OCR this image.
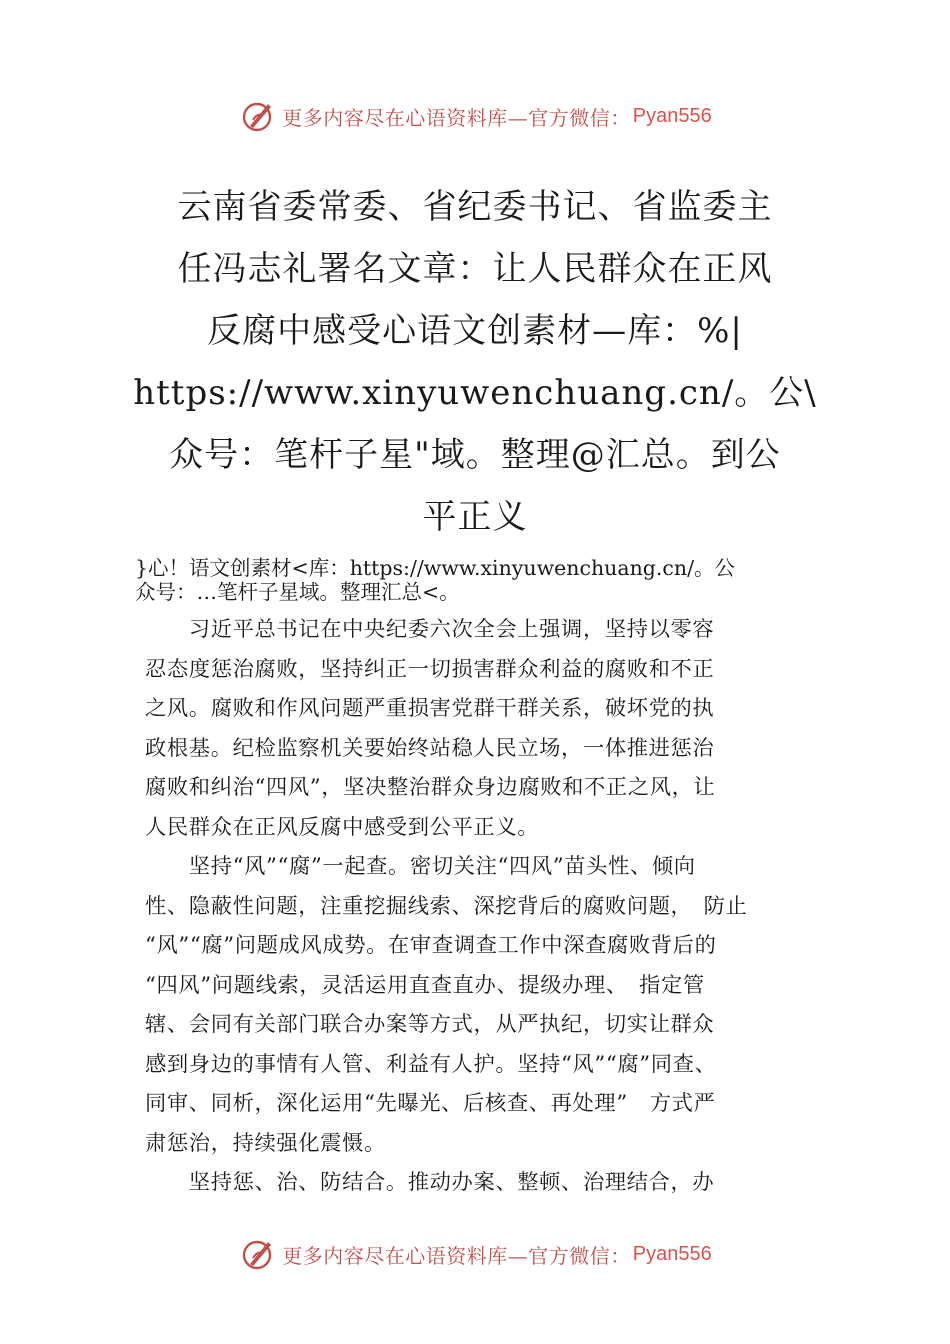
更多内容尽在心语资料库—官方微信： Pyan556
云南省委常委、省纪委书记、省监委主
任冯志礼署名文章：让人民群众在正风
反腐中感受心语文创素材—库：%|
https://www.xinyuwenchuang.cn/。公\
众号：笔杆子星"域。整理@汇总。到公
平正义
}心！语文创素材<库：https://www.xinyuwenchuang.cn/。公
众号：…笔杆子星域。整理汇总<。
　　习近平总书记在中央纪委六次全会上强调，坚持以零容
忍态度惩治腐败，坚持纠正一切损害群众利益的腐败和不正
之风。腐败和作风问题严重损害党群干群关系，破坏党的执
政根基。纪检监察机关要始终站稳人民立场，一体推进惩治
腐败和纠治“四风”，坚决整治群众身边腐败和不正之风，让
人民群众在正风反腐中感受到公平正义。
　　坚持“风”“腐”一起查。密切关注“四风”苗头性、倾向
性、隐蔽性问题，注重挖掘线索、深挖背后的腐败问题，　防止
“风”“腐”问题成风成势。在审查调查工作中深查腐败背后的
“四风”问题线索，灵活运用直查直办、提级办理、　指定管
辖、会同有关部门联合办案等方式，从严执纪，切实让群众
感到身边的事情有人管、利益有人护。坚持“风”“腐”同查、
同审、同析，深化运用“先曝光、后核查、再处理”　方式严
肃惩治，持续强化震慑。
　　坚持惩、治、防结合。推动办案、整顿、治理结合，办
更多内容尽在心语资料库—官方微信： Pyan556
